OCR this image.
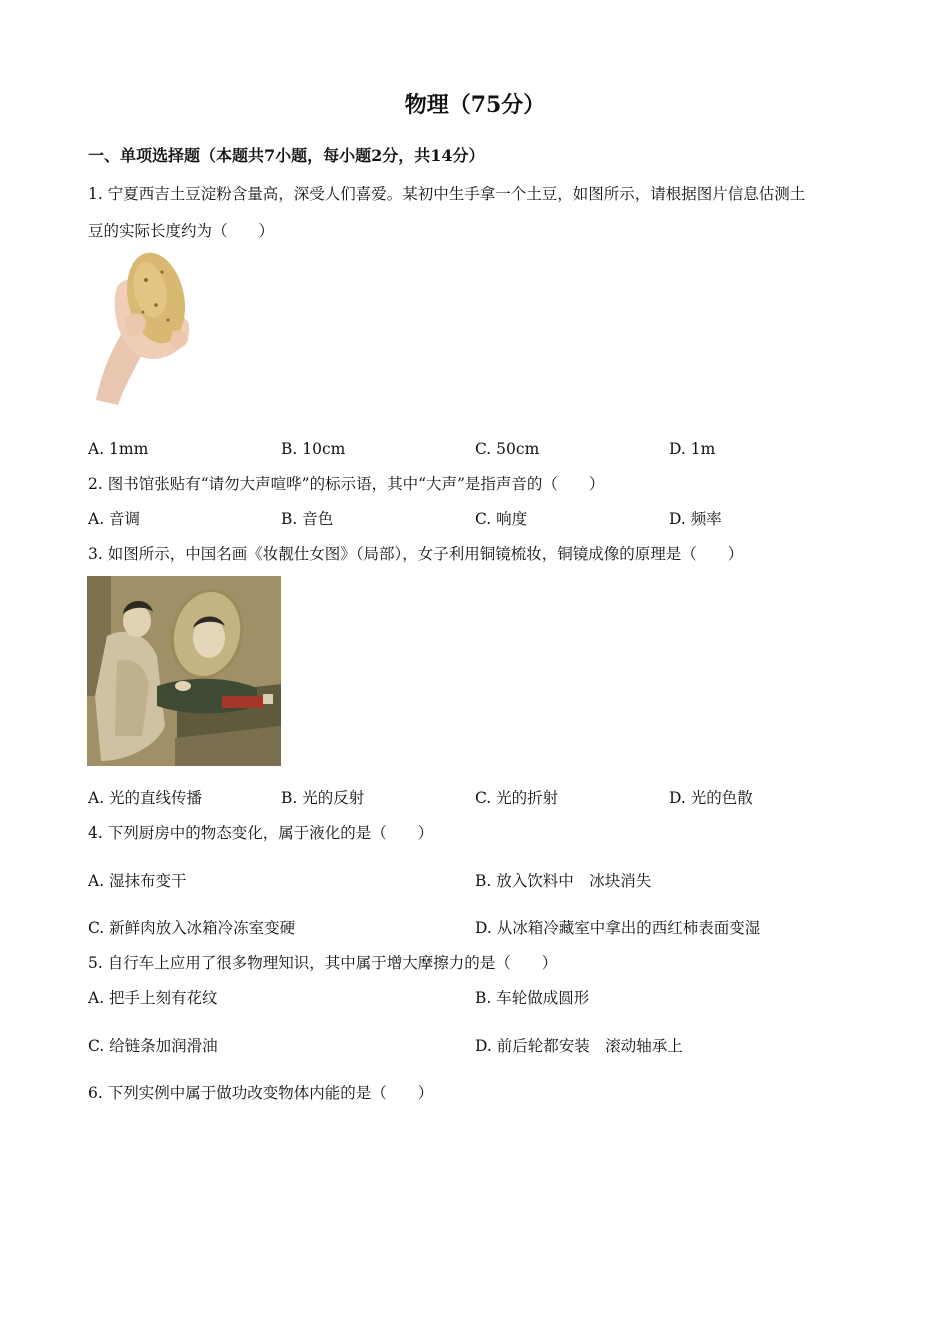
物理（75分）
一、单项选择题（本题共7小题，每小题2分，共14分）
1. 宁夏西吉土豆淀粉含量高，深受人们喜爱。某初中生手拿一个土豆，如图所示，请根据图片信息估测土
豆的实际长度约为（　　）
A. 1mm	B. 10cm	C. 50cm	D. 1m
2. 图书馆张贴有“请勿大声喧哗”的标示语，其中“大声”是指声音的（　　）
A. 音调	B. 音色	C. 响度	D. 频率
3. 如图所示，中国名画《妆靓仕女图》（局部），女子利用铜镜梳妆，铜镜成像的原理是（　　）
A. 光的直线传播	B. 光的反射	C. 光的折射	D. 光的色散
4. 下列厨房中的物态变化，属于液化的是（　　）
A. 湿抹布变干	B. 放入饮料中　冰块消失
C. 新鲜肉放入冰箱冷冻室变硬	D. 从冰箱冷藏室中拿出的西红柿表面变湿
5. 自行车上应用了很多物理知识，其中属于增大摩擦力的是（　　）
A. 把手上刻有花纹	B. 车轮做成圆形
C. 给链条加润滑油	D. 前后轮都安装　滚动轴承上
6. 下列实例中属于做功改变物体内能的是（　　）
